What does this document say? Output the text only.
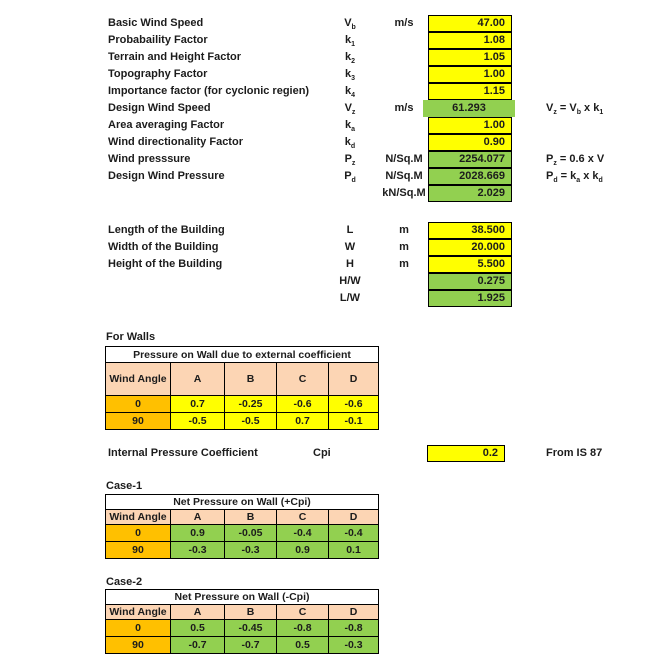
Basic Wind Speed	$V_b$	m/s	47.00
Probabaility Factor	$k_1$	1.08
Terrain and Height Factor	$k_2$	1.05
Topography Factor	$k_3$	1.00
Importance factor (for cyclonic regien)	$k_4$	1.15
Design Wind Speed	$V_z$	m/s	61.293	$V_z = V_b$ x $k_1$
Area averaging Factor	$k_a$	1.00
Wind directionality Factor	$k_d$	0.90
Wind presssure	$P_z$	N/Sq.M	2254.077	$P_z = 0.6$ x V
Design Wind Pressure	$P_d$	N/Sq.M	2028.669	$P_d = k_a$ x $k_d$
kN/Sq.M	2.029
Length of the Building	L	m	38.500
Width of the Building	W	m	20.000
Height of the Building	H	m	5.500
H/W	0.275
L/W	1.925
For Walls
Pressure on Wall due to external coefficient				
Wind Angle	A	B	C	D
0	0.7	-0.25	-0.6	-0.6
90	-0.5	-0.5	0.7	-0.1
Internal Pressure Coefficient	Cpi	0.2	From IS 87
Case-1
Net Pressure on Wall (+Cpi)				
Wind Angle	A	B	C	D
0	0.9	-0.05	-0.4	-0.4
90	-0.3	-0.3	0.9	0.1
Case-2
Net Pressure on Wall (-Cpi)				
Wind Angle	A	B	C	D
0	0.5	-0.45	-0.8	-0.8
90	-0.7	-0.7	0.5	-0.3
